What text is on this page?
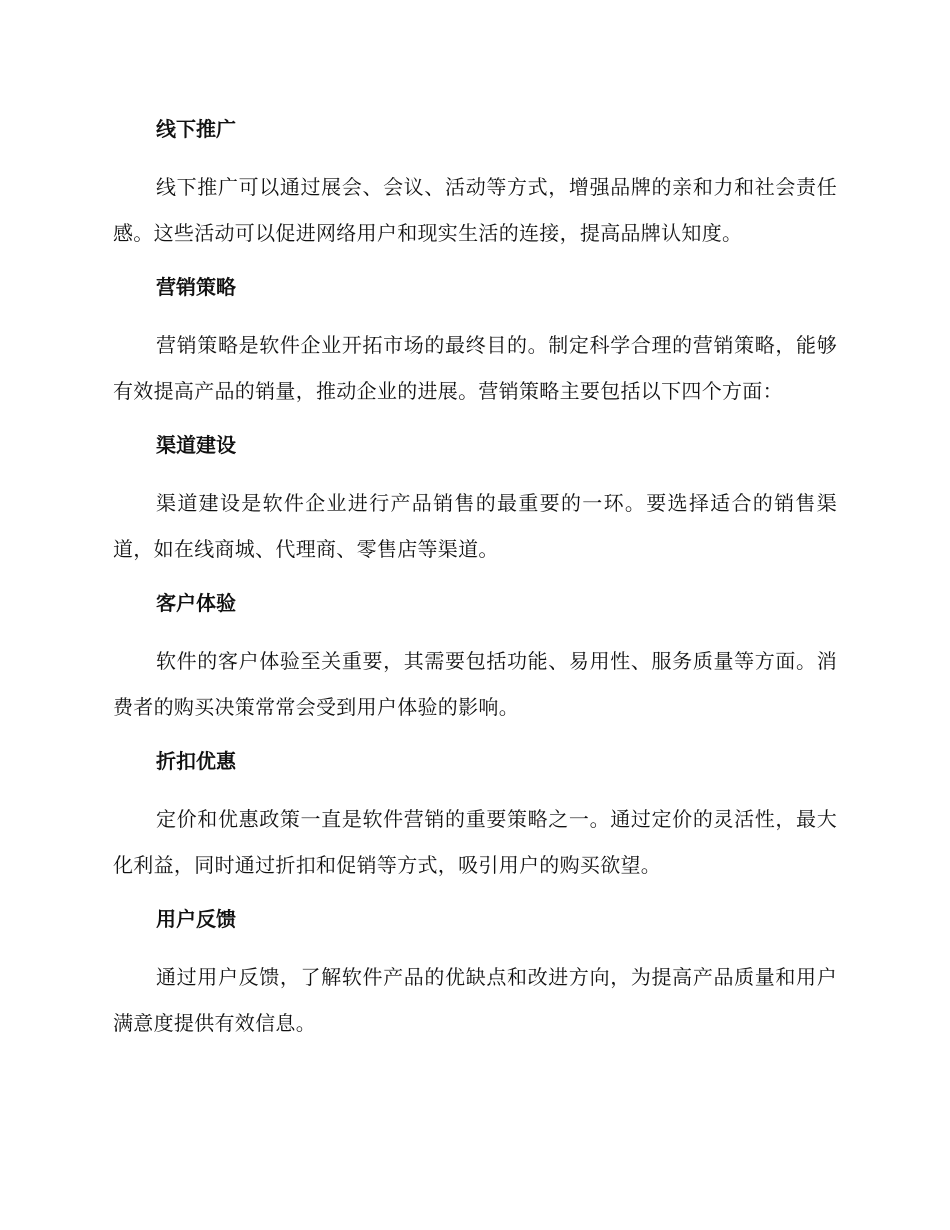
线下推广

线下推广可以通过展会、会议、活动等方式，增强品牌的亲和力和社会责任感。这些活动可以促进网络用户和现实生活的连接，提高品牌认知度。

营销策略

营销策略是软件企业开拓市场的最终目的。制定科学合理的营销策略，能够有效提高产品的销量，推动企业的进展。营销策略主要包括以下四个方面：

渠道建设

渠道建设是软件企业进行产品销售的最重要的一环。要选择适合的销售渠道，如在线商城、代理商、零售店等渠道。

客户体验

软件的客户体验至关重要，其需要包括功能、易用性、服务质量等方面。消费者的购买决策常常会受到用户体验的影响。

折扣优惠

定价和优惠政策一直是软件营销的重要策略之一。通过定价的灵活性，最大化利益，同时通过折扣和促销等方式，吸引用户的购买欲望。

用户反馈

通过用户反馈，了解软件产品的优缺点和改进方向，为提高产品质量和用户满意度提供有效信息。
